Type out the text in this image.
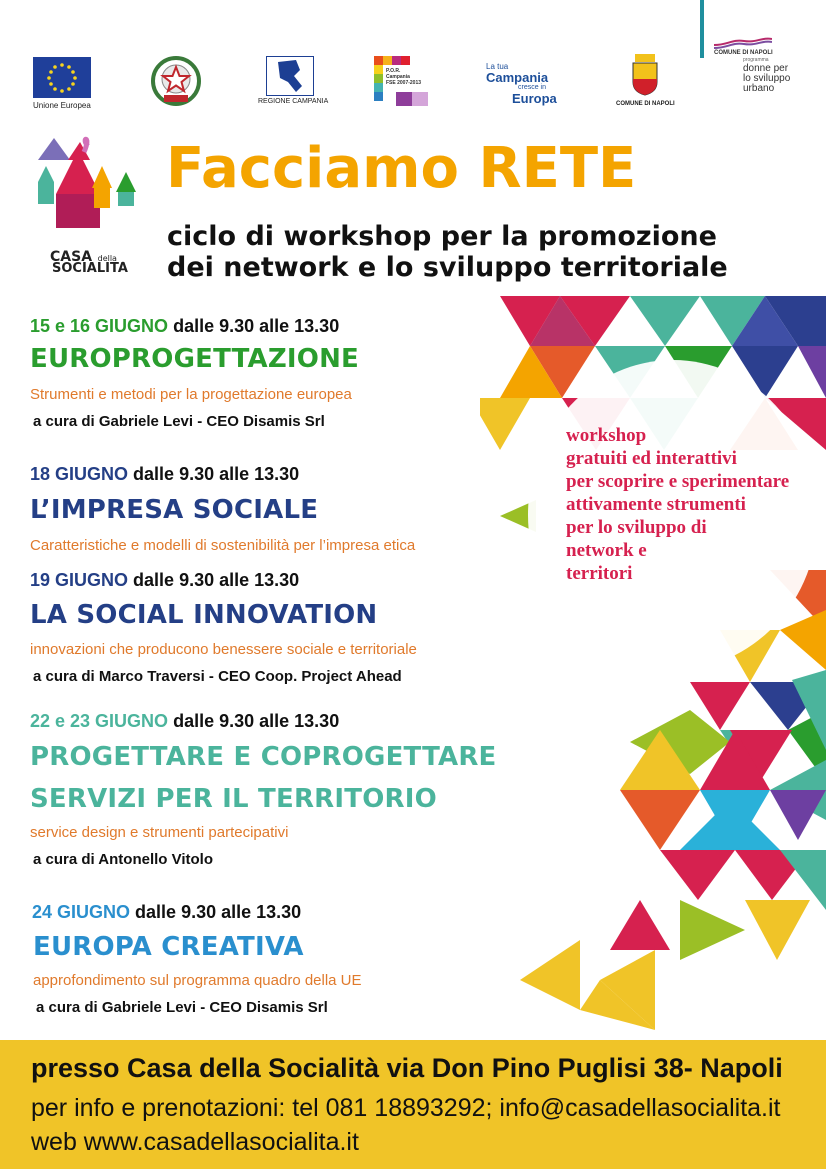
Unione Europea	REGIONE CAMPANIA
P.O.R.
Campania
FSE 2007-2013
La tua
Campania
cresce in
Europa	COMUNE DI NAPOLI
COMUNE DI NAPOLI
programma
donne per
lo sviluppo
urbano
CASA della
SOCIALITÀ
Facciamo RETE
ciclo di workshop per la promozione
dei network e lo sviluppo territoriale
workshop
gratuiti ed interattivi
per scoprire e sperimentare
attivamente strumenti
per lo sviluppo di
network e
territori
15 e 16 GIUGNO dalle 9.30 alle 13.30
EUROPROGETTAZIONE
Strumenti e metodi per la progettazione europea
a cura di Gabriele Levi - CEO Disamis Srl
18 GIUGNO dalle 9.30 alle 13.30
L’IMPRESA SOCIALE
Caratteristiche e modelli di sostenibilità per l’impresa etica
19 GIUGNO dalle 9.30 alle 13.30
LA SOCIAL INNOVATION
innovazioni che producono benessere sociale e territoriale
a cura di Marco Traversi - CEO Coop. Project Ahead
22 e 23 GIUGNO dalle 9.30 alle 13.30
PROGETTARE E COPROGETTARE
SERVIZI PER IL TERRITORIO
service design e strumenti partecipativi
a cura di Antonello Vitolo
24 GIUGNO dalle 9.30 alle 13.30
EUROPA CREATIVA
approfondimento sul programma quadro della UE
a cura di Gabriele Levi - CEO Disamis Srl
presso Casa della Socialità via Don Pino Puglisi 38- Napoli
per info e prenotazioni: tel 081 18893292; info@casadellasocialita.it
web www.casadellasocialita.it
